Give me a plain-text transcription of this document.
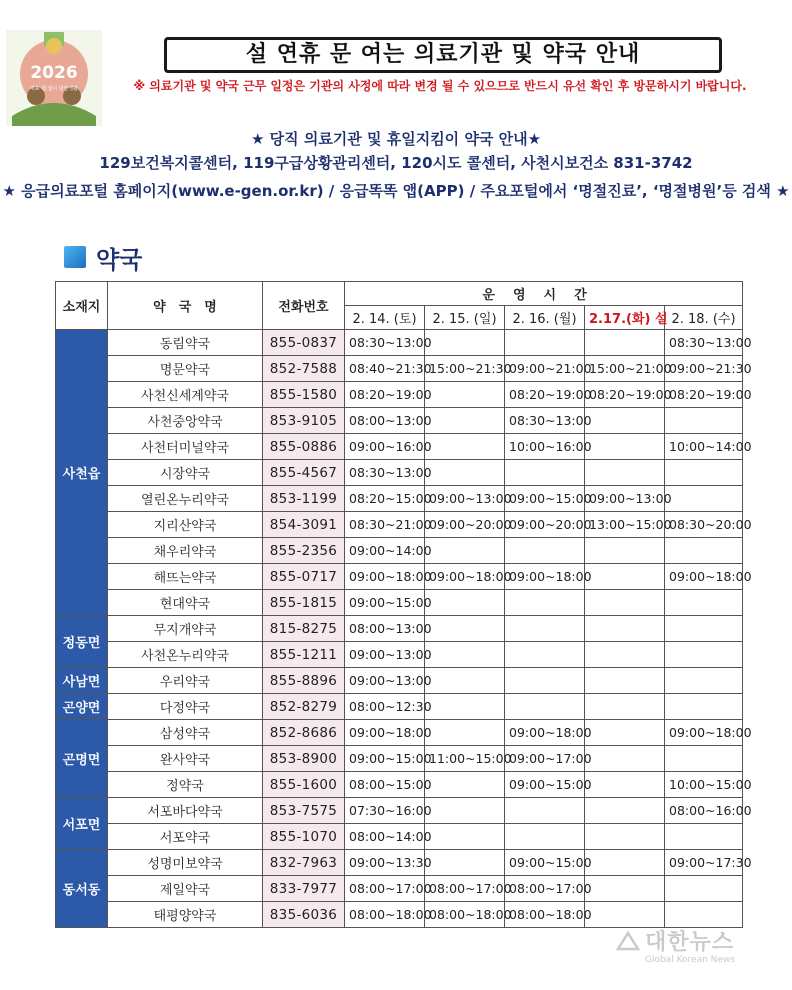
2026
대표 웹 접이 방안생활
설 연휴 문 여는 의료기관 및 약국 안내
※ 의료기관 및 약국 근무 일정은 기관의 사정에 따라 변경 될 수 있으므로 반드시 유선 확인 후 방문하시기 바랍니다.
★ 당직 의료기관 및 휴일지킴이 약국 안내★
129보건복지콜센터, 119구급상황관리센터, 120시도 콜센터, 사천시보건소 831-3742
★ 응급의료포털 홈페이지(www.e-gen.or.kr) / 응급똑똑 앱(APP) / 주요포털에서 ‘명절진료’, ‘명절병원’등 검색 ★
약국
소재지	약　국　명	전화번호	운영시간				
			2. 14. (토)	2. 15. (일)	2. 16. (월)	2.17.(화) 설	2. 18. (수)
사천읍	동림약국	855-0837	08:30~13:00				08:30~13:00
	명문약국	852-7588	08:40~21:30	15:00~21:30	09:00~21:00	15:00~21:00	09:00~21:30
	사천신세계약국	855-1580	08:20~19:00		08:20~19:00	08:20~19:00	08:20~19:00
	사천중앙약국	853-9105	08:00~13:00		08:30~13:00		
	사천터미널약국	855-0886	09:00~16:00		10:00~16:00		10:00~14:00
	시장약국	855-4567	08:30~13:00				
	열린온누리약국	853-1199	08:20~15:00	09:00~13:00	09:00~15:00	09:00~13:00	
	지리산약국	854-3091	08:30~21:00	09:00~20:00	09:00~20:00	13:00~15:00	08:30~20:00
	채우리약국	855-2356	09:00~14:00				
	해뜨는약국	855-0717	09:00~18:00	09:00~18:00	09:00~18:00		09:00~18:00
	현대약국	855-1815	09:00~15:00				
정동면	무지개약국	815-8275	08:00~13:00				
	사천온누리약국	855-1211	09:00~13:00				
사남면	우리약국	855-8896	09:00~13:00				
곤양면	다정약국	852-8279	08:00~12:30				
곤명면	삼성약국	852-8686	09:00~18:00		09:00~18:00		09:00~18:00
	완사약국	853-8900	09:00~15:00	11:00~15:00	09:00~17:00		
	정약국	855-1600	08:00~15:00		09:00~15:00		10:00~15:00
서포면	서포바다약국	853-7575	07:30~16:00				08:00~16:00
	서포약국	855-1070	08:00~14:00				
동서동	성명미보약국	832-7963	09:00~13:30		09:00~15:00		09:00~17:30
	제일약국	833-7977	08:00~17:00	08:00~17:00	08:00~17:00		
	태평양약국	835-6036	08:00~18:00	08:00~18:00	08:00~18:00		
대한뉴스
Global Korean News
